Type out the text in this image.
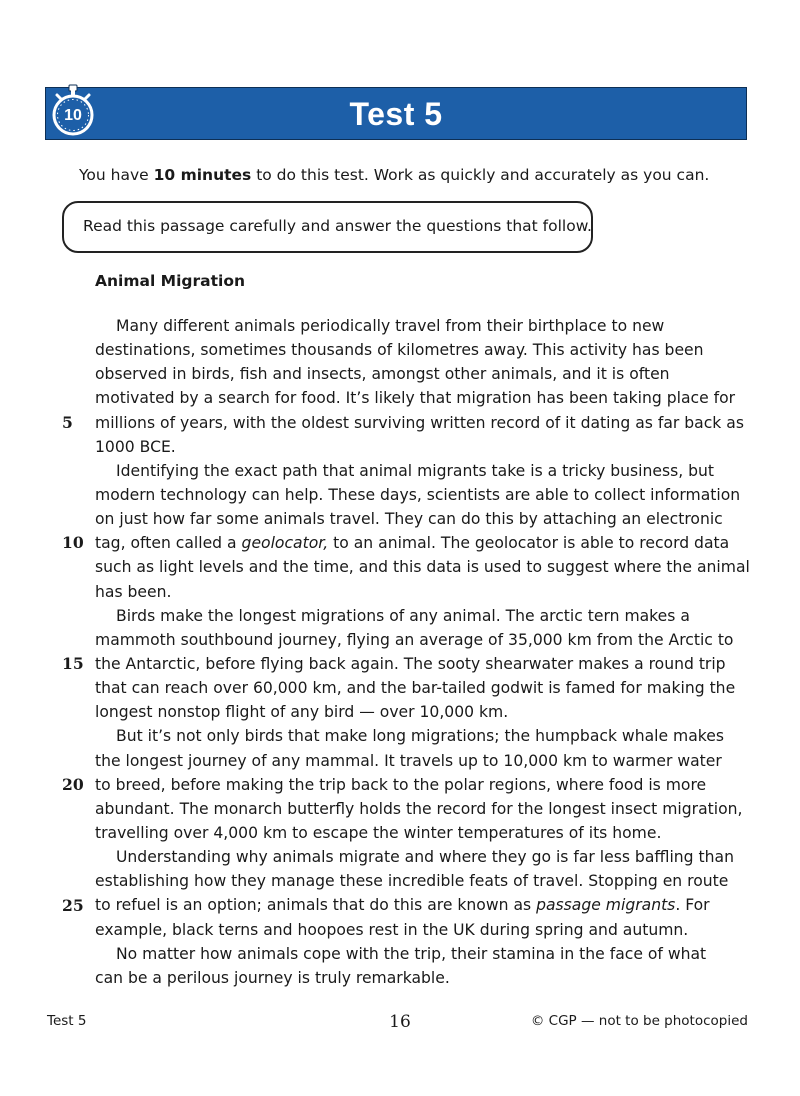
Test 5
10
You have 10 minutes to do this test. Work as quickly and accurately as you can.
Read this passage carefully and answer the questions that follow.
Animal Migration
Many different animals periodically travel from their birthplace to new
destinations, sometimes thousands of kilometres away. This activity has been
observed in birds, fish and insects, amongst other animals, and it is often
motivated by a search for food. It’s likely that migration has been taking place for
millions of years, with the oldest surviving written record of it dating as far back as
1000 BCE.
Identifying the exact path that animal migrants take is a tricky business, but
modern technology can help. These days, scientists are able to collect information
on just how far some animals travel. They can do this by attaching an electronic
tag, often called a geolocator, to an animal. The geolocator is able to record data
such as light levels and the time, and this data is used to suggest where the animal
has been.
Birds make the longest migrations of any animal. The arctic tern makes a
mammoth southbound journey, flying an average of 35,000 km from the Arctic to
the Antarctic, before flying back again. The sooty shearwater makes a round trip
that can reach over 60,000 km, and the bar-tailed godwit is famed for making the
longest nonstop flight of any bird — over 10,000 km.
But it’s not only birds that make long migrations; the humpback whale makes
the longest journey of any mammal. It travels up to 10,000 km to warmer water
to breed, before making the trip back to the polar regions, where food is more
abundant. The monarch butterfly holds the record for the longest insect migration,
travelling over 4,000 km to escape the winter temperatures of its home.
Understanding why animals migrate and where they go is far less baffling than
establishing how they manage these incredible feats of travel. Stopping en route
to refuel is an option; animals that do this are known as passage migrants. For
example, black terns and hoopoes rest in the UK during spring and autumn.
No matter how animals cope with the trip, their stamina in the face of what
can be a perilous journey is truly remarkable.
Test 5	16	© CGP — not to be photocopied
5
10
15
20
25
